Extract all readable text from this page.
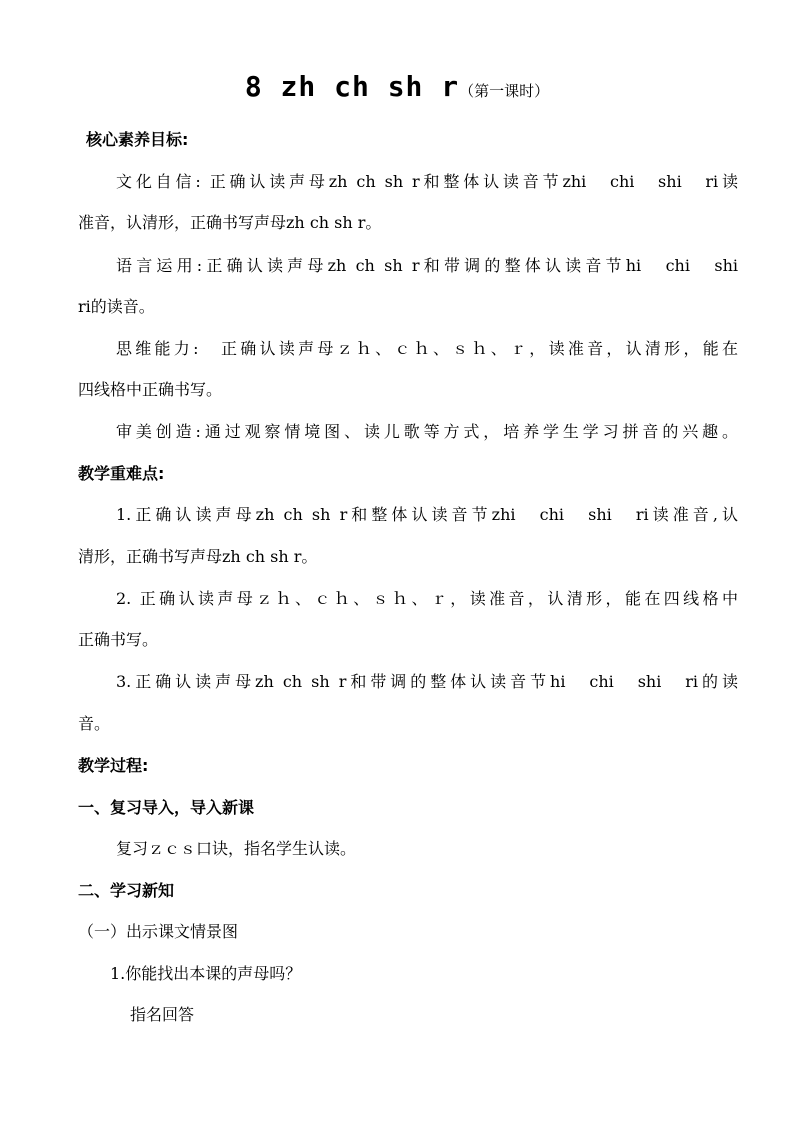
8 zh ch sh r（第一课时）
核心素养目标:
文化自信: 正确认读声母zh ch sh r和整体认读音节zhi　chi　shi　ri读
准音，认清形，正确书写声母zh ch sh r。
语言运用:正确认读声母zh ch sh r和带调的整体认读音节hi　chi　shi
ri的读音。
思维能力:　正确认读声母ｚｈ、ｃｈ、ｓｈ、ｒ，读准音，认清形，能在
四线格中正确书写。
审美创造:通过观察情境图、读儿歌等方式，培养学生学习拼音的兴趣。
教学重难点:
1.正确认读声母zh ch sh r和整体认读音节zhi　chi　shi　ri读准音,认
清形，正确书写声母zh ch sh r。
2. 正确认读声母ｚｈ、ｃｈ、ｓｈ、ｒ，读准音，认清形，能在四线格中
正确书写。
3.正确认读声母zh ch sh r和带调的整体认读音节hi　chi　shi　ri的读
音。
教学过程:
一、复习导入，导入新课
复习ｚｃｓ口诀，指名学生认读。
二、学习新知
（一）出示课文情景图
1.你能找出本课的声母吗？
指名回答
